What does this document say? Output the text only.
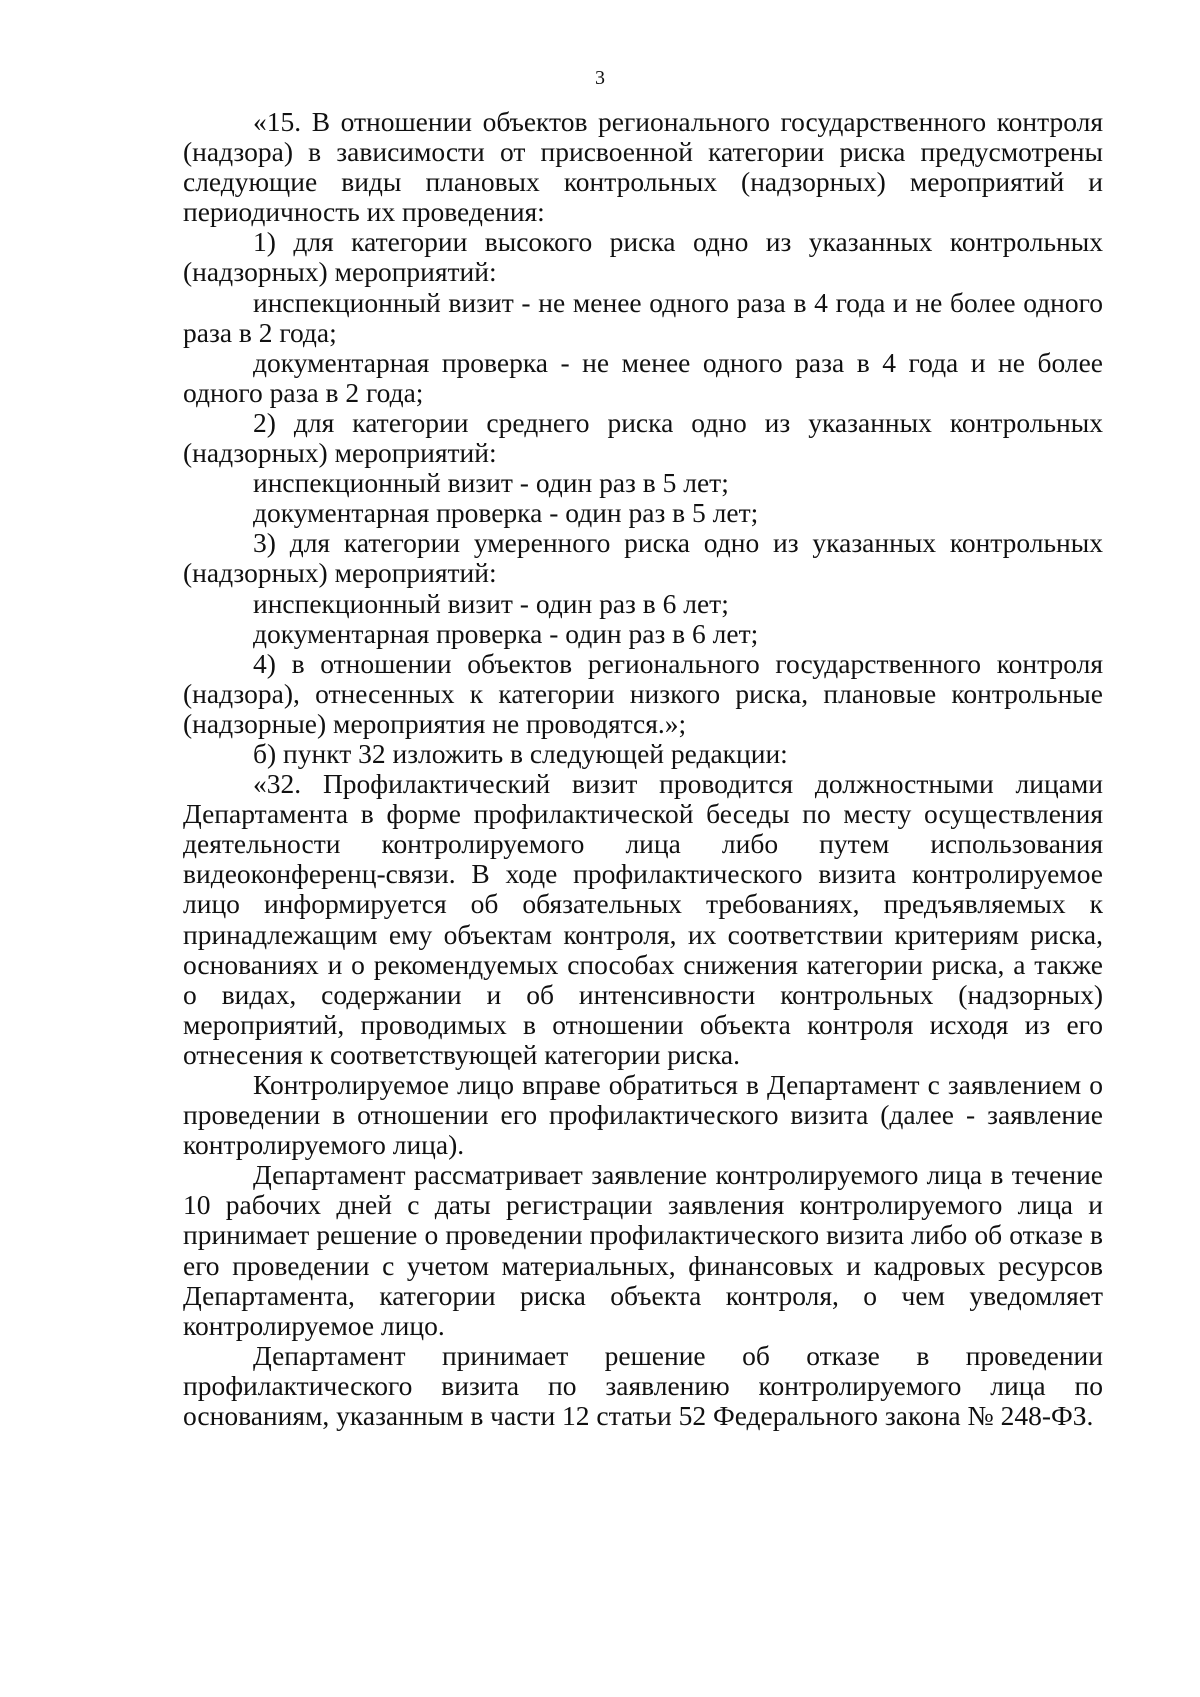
3

«15. В отношении объектов регионального государственного контроля (надзора) в зависимости от присвоенной категории риска предусмотрены следующие виды плановых контрольных (надзорных) мероприятий и периодичность их проведения:

1) для категории высокого риска одно из указанных контрольных (надзорных) мероприятий:

инспекционный визит - не менее одного раза в 4 года и не более одного раза в 2 года;

документарная проверка - не менее одного раза в 4 года и не более одного раза в 2 года;

2) для категории среднего риска одно из указанных контрольных (надзорных) мероприятий:

инспекционный визит - один раз в 5 лет;

документарная проверка - один раз в 5 лет;

3) для категории умеренного риска одно из указанных контрольных (надзорных) мероприятий:

инспекционный визит - один раз в 6 лет;

документарная проверка - один раз в 6 лет;

4) в отношении объектов регионального государственного контроля (надзора), отнесенных к категории низкого риска, плановые контрольные (надзорные) мероприятия не проводятся.»;

б) пункт 32 изложить в следующей редакции:

«32. Профилактический визит проводится должностными лицами Департамента в форме профилактической беседы по месту осуществления деятельности контролируемого лица либо путем использования видеоконференц-связи. В ходе профилактического визита контролируемое лицо информируется об обязательных требованиях, предъявляемых к принадлежащим ему объектам контроля, их соответствии критериям риска, основаниях и о рекомендуемых способах снижения категории риска, а также о видах, содержании и об интенсивности контрольных (надзорных) мероприятий, проводимых в отношении объекта контроля исходя из его отнесения к соответствующей категории риска.

Контролируемое лицо вправе обратиться в Департамент с заявлением о проведении в отношении его профилактического визита (далее - заявление контролируемого лица).

Департамент рассматривает заявление контролируемого лица в течение 10 рабочих дней с даты регистрации заявления контролируемого лица и принимает решение о проведении профилактического визита либо об отказе в его проведении с учетом материальных, финансовых и кадровых ресурсов Департамента, категории риска объекта контроля, о чем уведомляет контролируемое лицо.

Департамент принимает решение об отказе в проведении профилактического визита по заявлению контролируемого лица по основаниям, указанным в части 12 статьи 52 Федерального закона № 248-ФЗ.
